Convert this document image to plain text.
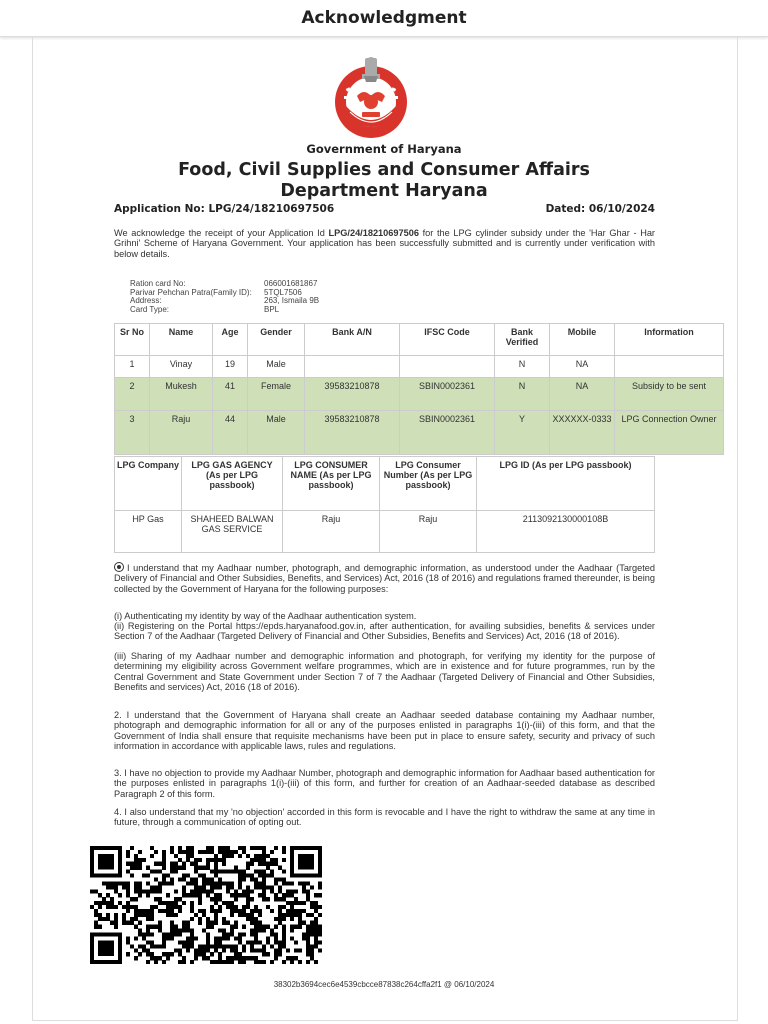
Acknowledgment
Government of Haryana
Food, Civil Supplies and Consumer Affairs
Department Haryana
Application No: LPG/24/18210697506	Dated: 06/10/2024
We acknowledge the receipt of your Application Id LPG/24/18210697506 for the LPG cylinder subsidy under the 'Har Ghar - Har Grihni' Scheme of Haryana Government. Your application has been successfully submitted and is currently under verification with below details.
Ration card No:	066001681867
Parivar Pehchan Patra(Family ID):	5TQL7506
Address:	263, Ismaila 9B
Card Type:	BPL
Sr No	Name	Age	Gender	Bank A/N	IFSC Code	Bank Verified	Mobile	Information
1	Vinay	19	Male			N	NA	
2	Mukesh	41	Female	39583210878	SBIN0002361	N	NA	Subsidy to be sent
3	Raju	44	Male	39583210878	SBIN0002361	Y	XXXXXX-0333	LPG Connection Owner
LPG Company	LPG GAS AGENCY (As per LPG passbook)	LPG CONSUMER NAME (As per LPG passbook)	LPG Consumer Number (As per LPG passbook)	LPG ID (As per LPG passbook)
HP Gas	SHAHEED BALWAN GAS SERVICE	Raju	Raju	2113092130000108B
I understand that my Aadhaar number, photograph, and demographic information, as understood under the Aadhaar (Targeted Delivery of Financial and Other Subsidies, Benefits, and Services) Act, 2016 (18 of 2016) and regulations framed thereunder, is being collected by the Government of Haryana for the following purposes:
(i) Authenticating my identity by way of the Aadhaar authentication system.
(ii) Registering on the Portal https://epds.haryanafood.gov.in, after authentication, for availing subsidies, benefits & services under Section 7 of the Aadhaar (Targeted Delivery of Financial and Other Subsidies, Benefits and Services) Act, 2016 (18 of 2016).
(iii) Sharing of my Aadhaar number and demographic information and photograph, for verifying my identity for the purpose of determining my eligibility across Government welfare programmes, which are in existence and for future programmes, run by the Central Government and State Government under Section 7 of 7 the Aadhaar (Targeted Delivery of Financial and Other Subsidies, Benefits and services) Act, 2016 (18 of 2016).
2. I understand that the Government of Haryana shall create an Aadhaar seeded database containing my Aadhaar number, photograph and demographic information for all or any of the purposes enlisted in paragraphs 1(i)-(iii) of this form, and that the Government of India shall ensure that requisite mechanisms have been put in place to ensure safety, security and privacy of such information in accordance with applicable laws, rules and regulations.
3. I have no objection to provide my Aadhaar Number, photograph and demographic information for Aadhaar based authentication for the purposes enlisted in paragraphs 1(i)-(iii) of this form, and further for creation of an Aadhaar-seeded database as described Paragraph 2 of this form.
4. I also understand that my 'no objection' accorded in this form is revocable and I have the right to withdraw the same at any time in future, through a communication of opting out.
38302b3694cec6e4539cbcce87838c264cffa2f1 @ 06/10/2024
